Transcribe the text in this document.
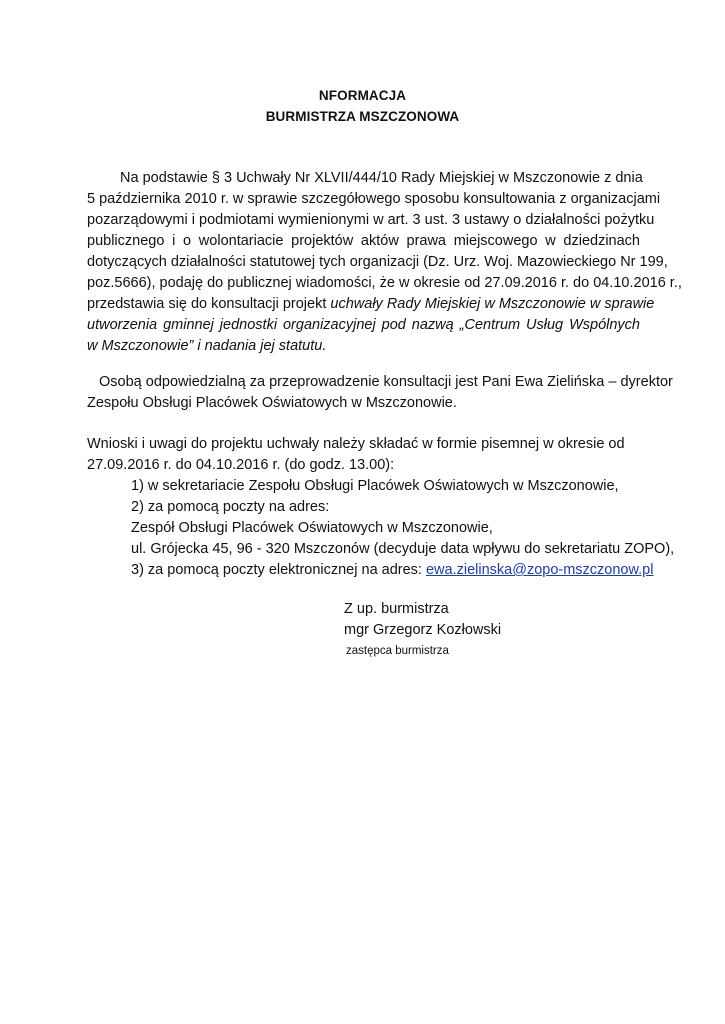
NFORMACJA
BURMISTRZA MSZCZONOWA
Na podstawie § 3 Uchwały Nr XLVII/444/10 Rady Miejskiej w Mszczonowie z dnia
5 października 2010 r. w sprawie szczegółowego sposobu konsultowania z organizacjami
pozarządowymi i podmiotami wymienionymi w art. 3 ust. 3 ustawy o działalności pożytku
publicznego i o wolontariacie projektów aktów prawa miejscowego w dziedzinach
dotyczących działalności statutowej tych organizacji (Dz. Urz. Woj. Mazowieckiego Nr 199,
poz.5666), podaję do publicznej wiadomości, że w okresie od 27.09.2016 r. do 04.10.2016 r.,
przedstawia się do konsultacji projekt uchwały Rady Miejskiej w Mszczonowie w sprawie
utworzenia gminnej jednostki organizacyjnej pod nazwą „Centrum Usług Wspólnych
w Mszczonowie” i nadania jej statutu.
Osobą odpowiedzialną za przeprowadzenie konsultacji jest Pani Ewa Zielińska – dyrektor
Zespołu Obsługi Placówek Oświatowych w Mszczonowie.
Wnioski i uwagi do projektu uchwały należy składać w formie pisemnej w okresie od
27.09.2016 r. do 04.10.2016 r. (do godz. 13.00):
1) w sekretariacie Zespołu Obsługi Placówek Oświatowych w Mszczonowie,
2) za pomocą poczty na adres:
Zespół Obsługi Placówek Oświatowych w Mszczonowie,
ul. Grójecka 45, 96 - 320 Mszczonów (decyduje data wpływu do sekretariatu ZOPO),
3) za pomocą poczty elektronicznej na adres: ewa.zielinska@zopo-mszczonow.pl
Z up. burmistrza
mgr Grzegorz Kozłowski
zastępca burmistrza
